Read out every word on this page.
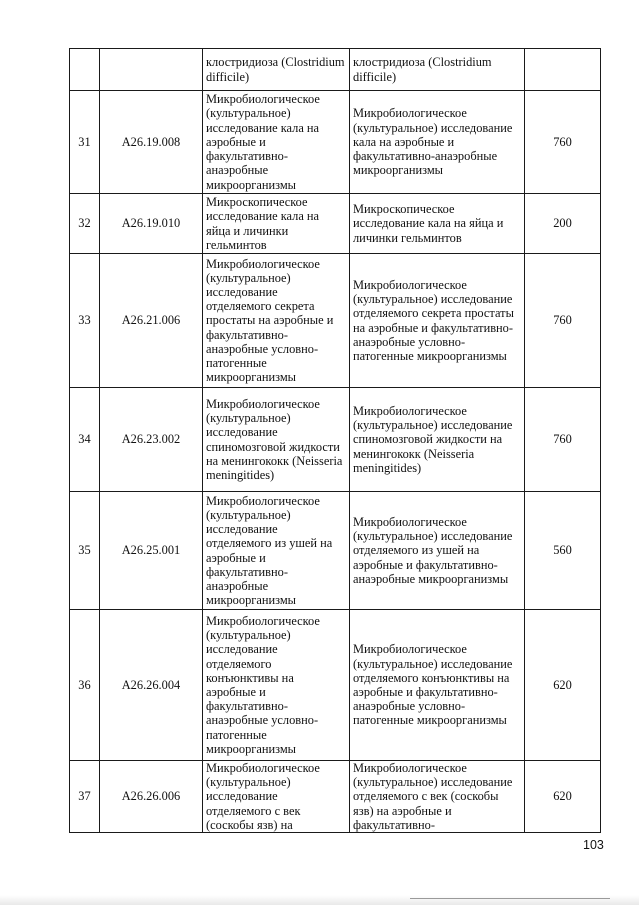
		клостридиоза (Clostridium difficile)	клостридиоза (Clostridium difficile)	
31	A26.19.008	Микробиологическое (культуральное) исследование кала на аэробные и факультативно-анаэробные микроорганизмы	Микробиологическое (культуральное) исследование кала на аэробные и факультативно-анаэробные микроорганизмы	760
32	A26.19.010	Микроскопическое исследование кала на яйца и личинки гельминтов	Микроскопическое исследование кала на яйца и личинки гельминтов	200
33	A26.21.006	Микробиологическое (культуральное) исследование отделяемого секрета простаты на аэробные и факультативно-анаэробные условно-патогенные микроорганизмы	Микробиологическое (культуральное) исследование отделяемого секрета простаты на аэробные и факультативно-анаэробные условно-патогенные микроорганизмы	760
34	A26.23.002	Микробиологическое (культуральное) исследование спиномозговой жидкости на менингококк (Neisseria meningitides)	Микробиологическое (культуральное) исследование спиномозговой жидкости на менингококк (Neisseria meningitides)	760
35	A26.25.001	Микробиологическое (культуральное) исследование отделяемого из ушей на аэробные и факультативно-анаэробные микроорганизмы	Микробиологическое (культуральное) исследование отделяемого из ушей на аэробные и факультативно-анаэробные микроорганизмы	560
36	A26.26.004	Микробиологическое (культуральное) исследование отделяемого конъюнктивы на аэробные и факультативно-анаэробные условно-патогенные микроорганизмы	Микробиологическое (культуральное) исследование отделяемого конъюнктивы на аэробные и факультативно-анаэробные условно-патогенные микроорганизмы	620
37	A26.26.006	Микробиологическое (культуральное) исследование отделяемого с век (соскобы язв) на	Микробиологическое (культуральное) исследование отделяемого с век (соскобы язв) на аэробные и факультативно-	620
103
